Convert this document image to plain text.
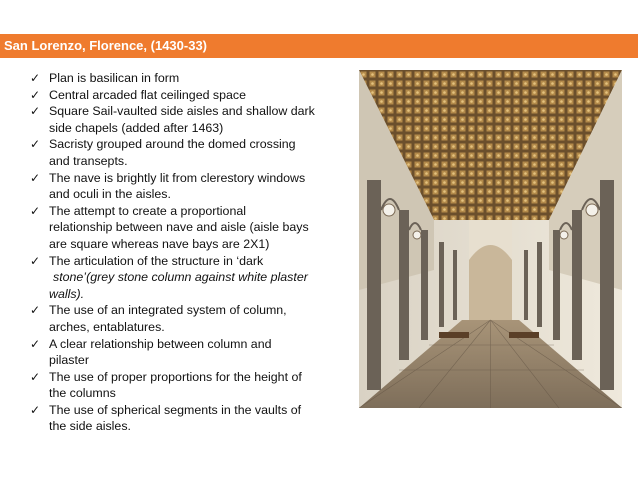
San Lorenzo, Florence, (1430-33)
✓ Plan is basilican in form
✓ Central arcaded flat ceilinged space
✓ Square Sail-vaulted side aisles and shallow dark
side chapels (added after 1463)
✓ Sacristy grouped around the domed crossing
and transepts.
✓ The nave is brightly lit from clerestory windows
and oculi in the aisles.
✓ The attempt to create a proportional
relationship between nave and aisle (aisle bays
are square whereas nave bays are 2X1)
✓ The articulation of the structure in ‘dark
stone’(grey stone column against white plaster
walls).
✓ The use of an integrated system of column,
arches, entablatures.
✓ A clear relationship between column and
pilaster
✓ The use of proper proportions for the height of
the columns
✓ The use of spherical segments in the vaults of
the side aisles.
